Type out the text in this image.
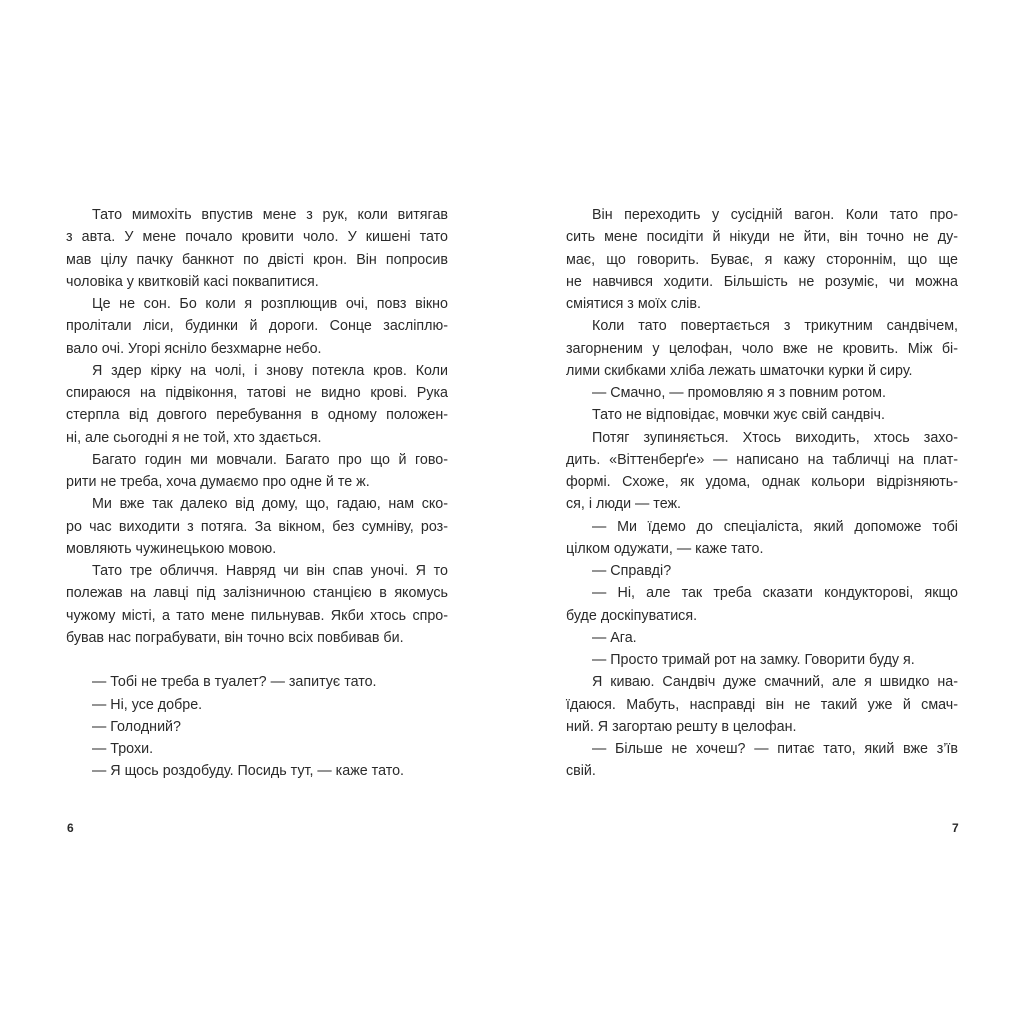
Тато мимохіть впустив мене з рук, коли витягав
з авта. У мене почало кровити чоло. У кишені тато
мав цілу пачку банкнот по двісті крон. Він попросив
чоловіка у квитковій касі поквапитися.
Це не сон. Бо коли я розплющив очі, повз вікно
пролітали ліси, будинки й дороги. Сонце засліплю-
вало очі. Угорі ясніло безхмарне небо.
Я здер кірку на чолі, і знову потекла кров. Коли
спираюся на підвіконня, татові не видно крові. Рука
стерпла від довгого перебування в одному положен-
ні, але сьогодні я не той, хто здається.
Багато годин ми мовчали. Багато про що й гово-
рити не треба, хоча думаємо про одне й те ж.
Ми вже так далеко від дому, що, гадаю, нам ско-
ро час виходити з потяга. За вікном, без сумніву, роз-
мовляють чужинецькою мовою.
Тато тре обличчя. Навряд чи він спав уночі. Я то
полежав на лавці під залізничною станцією в якомусь
чужому місті, а тато мене пильнував. Якби хтось спро-
бував нас пограбувати, він точно всіх повбивав би.
— Тобі не треба в туалет? — запитує тато.
— Ні, усе добре.
— Голодний?
— Трохи.
— Я щось роздобуду. Посидь тут, — каже тато.
Він переходить у сусідній вагон. Коли тато про-
сить мене посидіти й нікуди не йти, він точно не ду-
має, що говорить. Буває, я кажу стороннім, що ще
не навчився ходити. Більшість не розуміє, чи можна
сміятися з моїх слів.
Коли тато повертається з трикутним сандвічем,
загорненим у целофан, чоло вже не кровить. Між бі-
лими скибками хліба лежать шматочки курки й сиру.
— Смачно, — промовляю я з повним ротом.
Тато не відповідає, мовчки жує свій сандвіч.
Потяг зупиняється. Хтось виходить, хтось захо-
дить. «Віттенберґе» — написано на табличці на плат-
формі. Схоже, як удома, однак кольори відрізняють-
ся, і люди — теж.
— Ми їдемо до спеціаліста, який допоможе тобі
цілком одужати, — каже тато.
— Справді?
— Ні, але так треба сказати кондукторові, якщо
буде доскіпуватися.
— Ага.
— Просто тримай рот на замку. Говорити буду я.
Я киваю. Сандвіч дуже смачний, але я швидко на-
їдаюся. Мабуть, насправді він не такий уже й смач-
ний. Я загортаю решту в целофан.
— Більше не хочеш? — питає тато, який вже з’їв
свій.
6	7
